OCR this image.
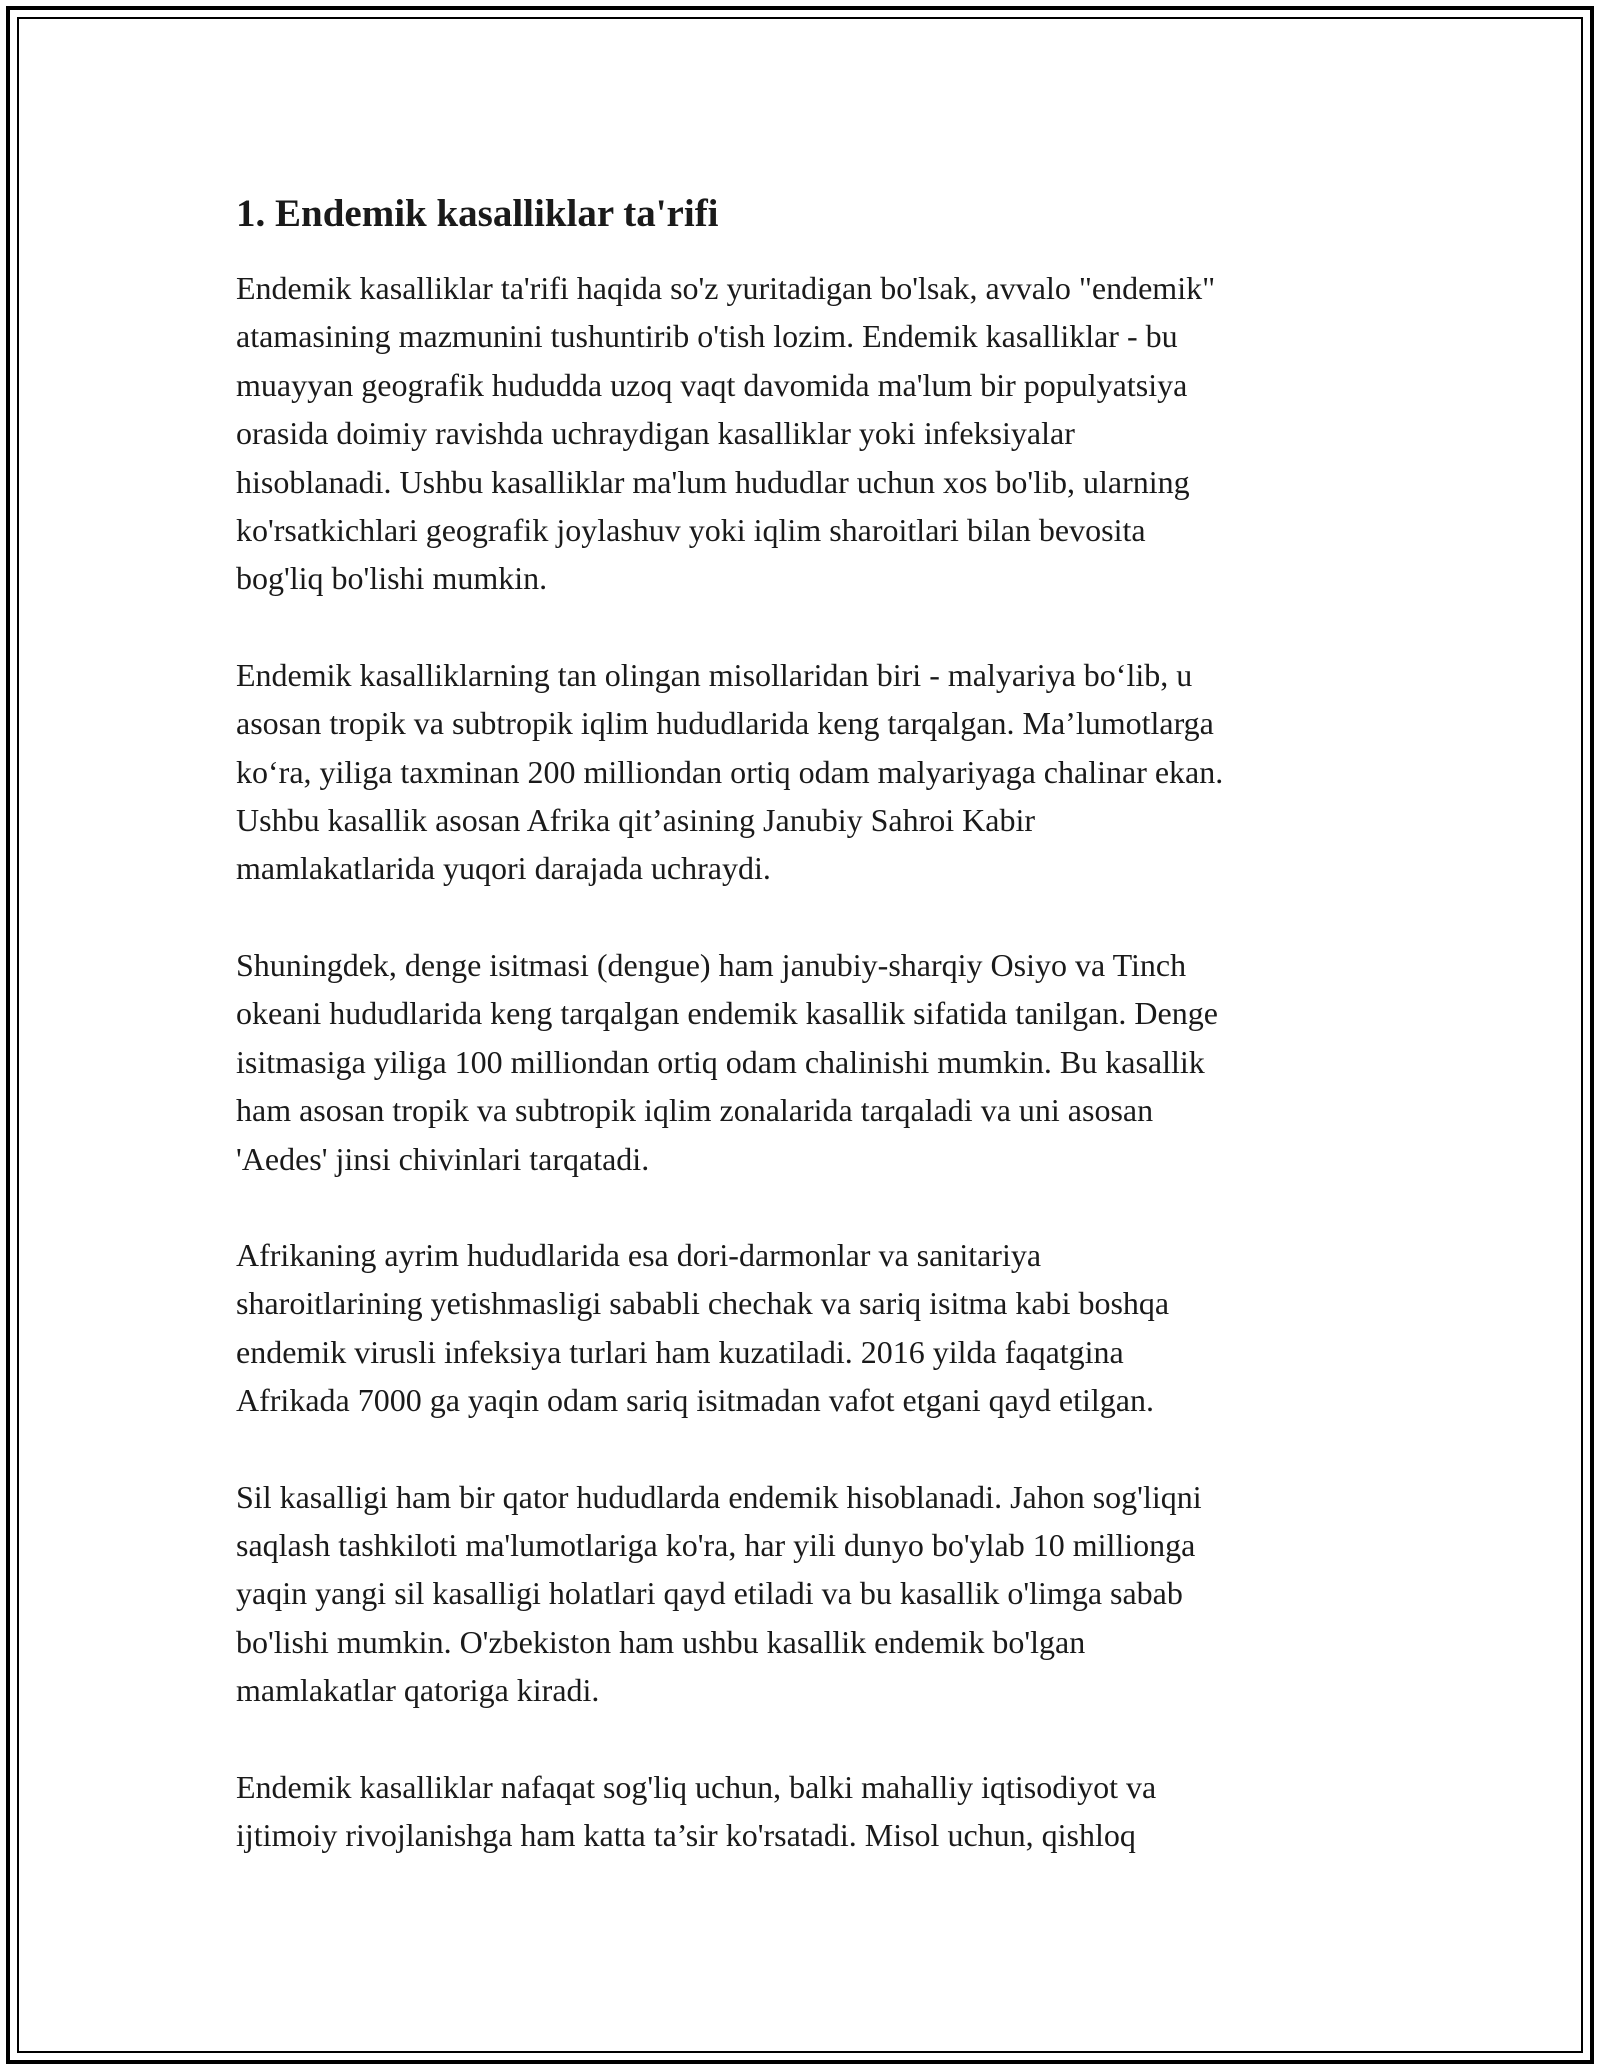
1. Endemik kasalliklar ta'rifi

Endemik kasalliklar ta'rifi haqida so'z yuritadigan bo'lsak, avvalo "endemik"
atamasining mazmunini tushuntirib o'tish lozim. Endemik kasalliklar - bu
muayyan geografik hududda uzoq vaqt davomida ma'lum bir populyatsiya
orasida doimiy ravishda uchraydigan kasalliklar yoki infeksiyalar
hisoblanadi. Ushbu kasalliklar ma'lum hududlar uchun xos bo'lib, ularning
ko'rsatkichlari geografik joylashuv yoki iqlim sharoitlari bilan bevosita
bog'liq bo'lishi mumkin.

Endemik kasalliklarning tan olingan misollaridan biri - malyariya bo‘lib, u
asosan tropik va subtropik iqlim hududlarida keng tarqalgan. Ma’lumotlarga
ko‘ra, yiliga taxminan 200 milliondan ortiq odam malyariyaga chalinar ekan.
Ushbu kasallik asosan Afrika qit’asining Janubiy Sahroi Kabir
mamlakatlarida yuqori darajada uchraydi.

Shuningdek, denge isitmasi (dengue) ham janubiy-sharqiy Osiyo va Tinch
okeani hududlarida keng tarqalgan endemik kasallik sifatida tanilgan. Denge
isitmasiga yiliga 100 milliondan ortiq odam chalinishi mumkin. Bu kasallik
ham asosan tropik va subtropik iqlim zonalarida tarqaladi va uni asosan
'Aedes' jinsi chivinlari tarqatadi.

Afrikaning ayrim hududlarida esa dori-darmonlar va sanitariya
sharoitlarining yetishmasligi sababli chechak va sariq isitma kabi boshqa
endemik virusli infeksiya turlari ham kuzatiladi. 2016 yilda faqatgina
Afrikada 7000 ga yaqin odam sariq isitmadan vafot etgani qayd etilgan.

Sil kasalligi ham bir qator hududlarda endemik hisoblanadi. Jahon sog'liqni
saqlash tashkiloti ma'lumotlariga ko'ra, har yili dunyo bo'ylab 10 millionga
yaqin yangi sil kasalligi holatlari qayd etiladi va bu kasallik o'limga sabab
bo'lishi mumkin. O'zbekiston ham ushbu kasallik endemik bo'lgan
mamlakatlar qatoriga kiradi.

Endemik kasalliklar nafaqat sog'liq uchun, balki mahalliy iqtisodiyot va
ijtimoiy rivojlanishga ham katta ta’sir ko'rsatadi. Misol uchun, qishloq
